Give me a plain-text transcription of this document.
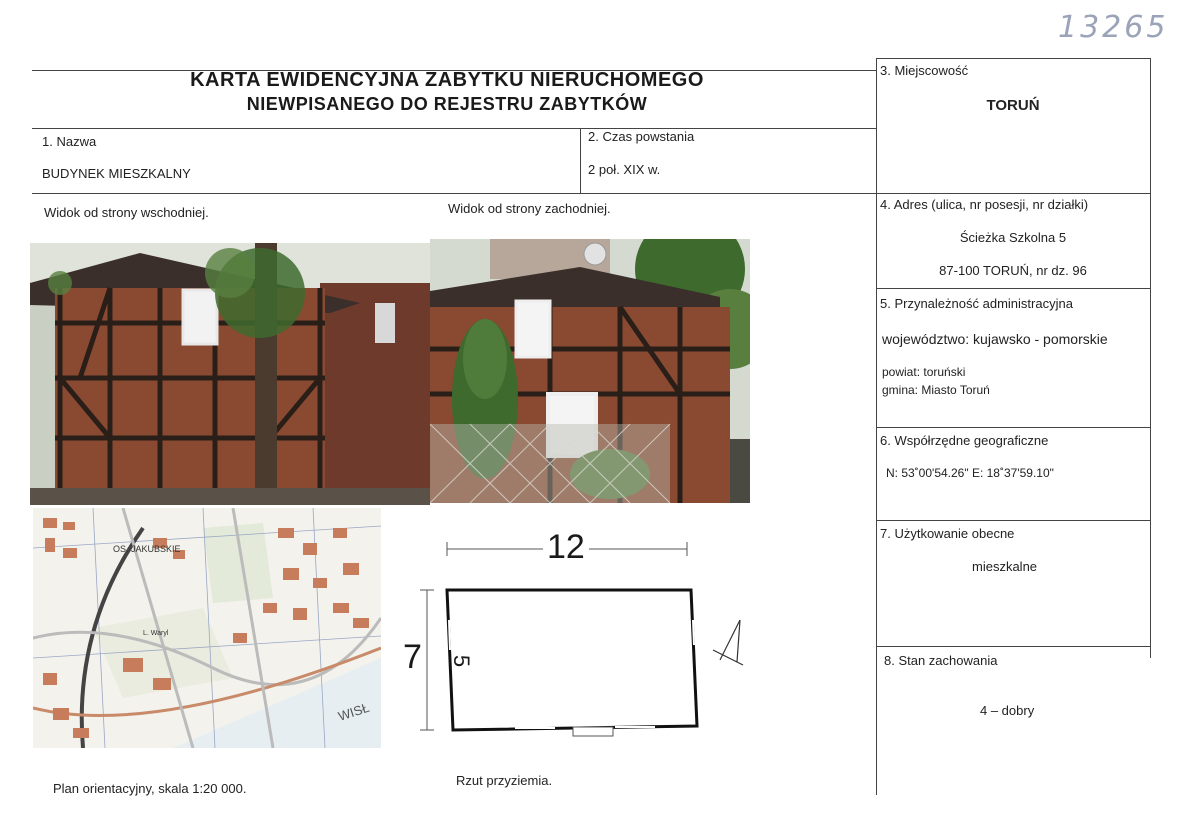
13265
KARTA EWIDENCYJNA ZABYTKU NIERUCHOMEGO
NIEWPISANEGO DO REJESTRU ZABYTKÓW
1. Nazwa
BUDYNEK MIESZKALNY
2. Czas powstania
2 poł. XIX w.
3. Miejscowość
TORUŃ
4. Adres (ulica, nr posesji, nr działki)
Ścieżka Szkolna 5
87-100 TORUŃ, nr dz. 96
5. Przynależność administracyjna
województwo: kujawsko - pomorskie
powiat: toruński
gmina: Miasto Toruń
6. Współrzędne geograficzne
N: 53˚00'54.26" E: 18˚37'59.10"
7. Użytkowanie obecne
mieszkalne
8. Stan zachowania
4 – dobry
Widok od strony wschodniej.	Widok od strony zachodniej.
OS. JAKUBSKIE
L. Waryl
WISŁ
12
7 5
Plan orientacyjny, skala 1:20 000.
Rzut przyziemia.
